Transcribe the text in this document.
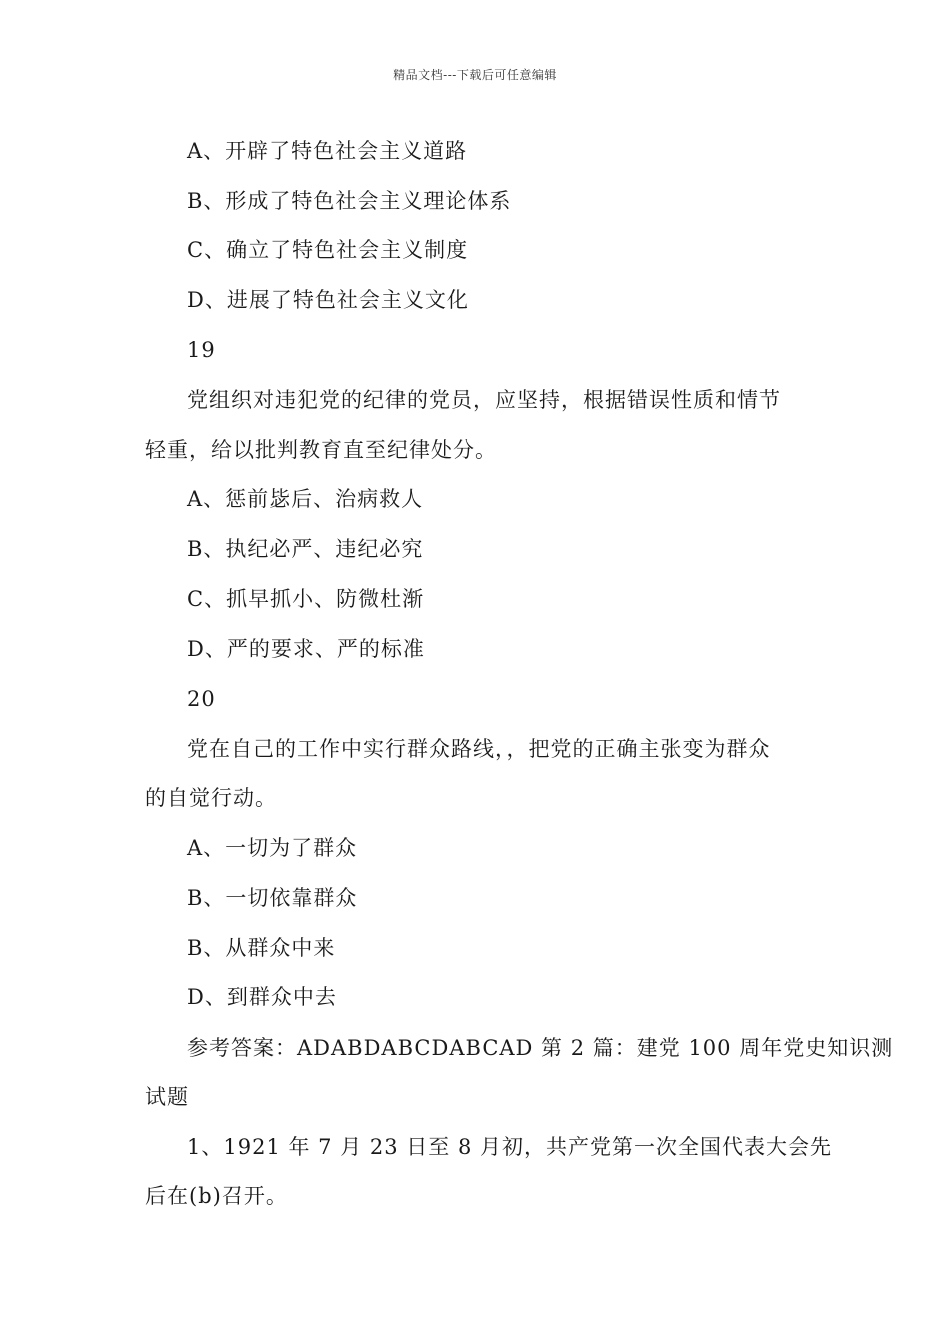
精品文档---下载后可任意编辑
A、开辟了特色社会主义道路
B、形成了特色社会主义理论体系
C、确立了特色社会主义制度
D、进展了特色社会主义文化
19
党组织对违犯党的纪律的党员，应坚持，根据错误性质和情节
轻重，给以批判教育直至纪律处分。
A、惩前毖后、治病救人
B、执纪必严、违纪必究
C、抓早抓小、防微杜渐
D、严的要求、严的标准
20
党在自己的工作中实行群众路线，，把党的正确主张变为群众
的自觉行动。
A、一切为了群众
B、一切依靠群众
B、从群众中来
D、到群众中去
参考答案：ADABDABCDABCAD 第 2 篇：建党 100 周年党史知识测
试题
1、1921 年 7 月 23 日至 8 月初，共产党第一次全国代表大会先
后在(b)召开。
